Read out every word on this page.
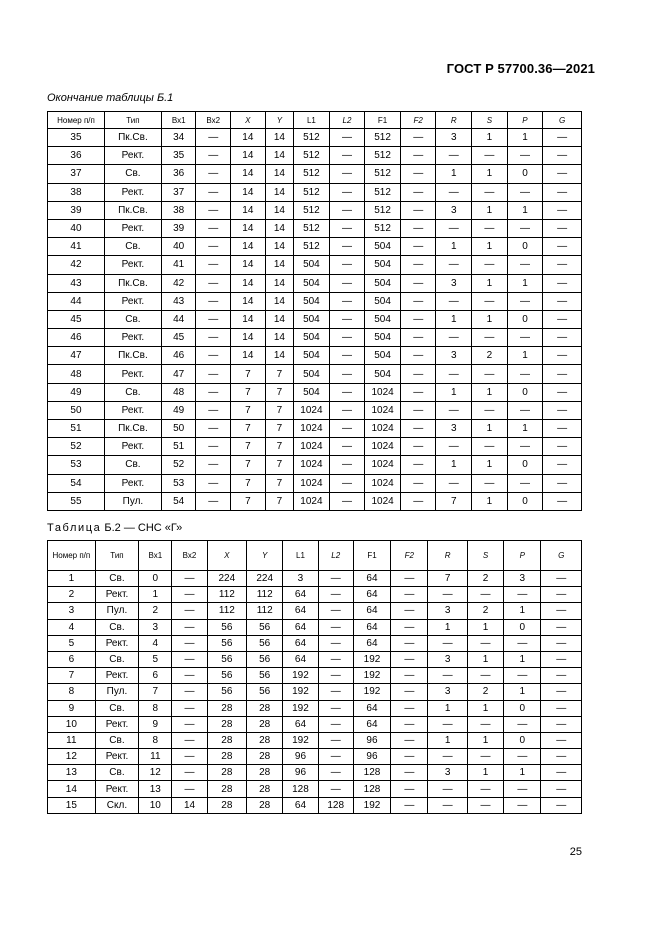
ГОСТ Р 57700.36—2021
Окончание таблицы Б.1
Номер п/п	Тип	Вх1	Вх2	X	Y	L1	L2	F1	F2	R	S	P	G
35	Пк.Св.	34	—	14	14	512	—	512	—	3	1	1	—
36	Рект.	35	—	14	14	512	—	512	—	—	—	—	—
37	Св.	36	—	14	14	512	—	512	—	1	1	0	—
38	Рект.	37	—	14	14	512	—	512	—	—	—	—	—
39	Пк.Св.	38	—	14	14	512	—	512	—	3	1	1	—
40	Рект.	39	—	14	14	512	—	512	—	—	—	—	—
41	Св.	40	—	14	14	512	—	504	—	1	1	0	—
42	Рект.	41	—	14	14	504	—	504	—	—	—	—	—
43	Пк.Св.	42	—	14	14	504	—	504	—	3	1	1	—
44	Рект.	43	—	14	14	504	—	504	—	—	—	—	—
45	Св.	44	—	14	14	504	—	504	—	1	1	0	—
46	Рект.	45	—	14	14	504	—	504	—	—	—	—	—
47	Пк.Св.	46	—	14	14	504	—	504	—	3	2	1	—
48	Рект.	47	—	7	7	504	—	504	—	—	—	—	—
49	Св.	48	—	7	7	504	—	1024	—	1	1	0	—
50	Рект.	49	—	7	7	1024	—	1024	—	—	—	—	—
51	Пк.Св.	50	—	7	7	1024	—	1024	—	3	1	1	—
52	Рект.	51	—	7	7	1024	—	1024	—	—	—	—	—
53	Св.	52	—	7	7	1024	—	1024	—	1	1	0	—
54	Рект.	53	—	7	7	1024	—	1024	—	—	—	—	—
55	Пул.	54	—	7	7	1024	—	1024	—	7	1	0	—
Таблица Б.2 — СНС «Г»
Номер п/п	Тип	Вх1	Вх2	X	Y	L1	L2	F1	F2	R	S	P	G
1	Св.	0	—	224	224	3	—	64	—	7	2	3	—
2	Рект.	1	—	112	112	64	—	64	—	—	—	—	—
3	Пул.	2	—	112	112	64	—	64	—	3	2	1	—
4	Св.	3	—	56	56	64	—	64	—	1	1	0	—
5	Рект.	4	—	56	56	64	—	64	—	—	—	—	—
6	Св.	5	—	56	56	64	—	192	—	3	1	1	—
7	Рект.	6	—	56	56	192	—	192	—	—	—	—	—
8	Пул.	7	—	56	56	192	—	192	—	3	2	1	—
9	Св.	8	—	28	28	192	—	64	—	1	1	0	—
10	Рект.	9	—	28	28	64	—	64	—	—	—	—	—
11	Св.	8	—	28	28	192	—	96	—	1	1	0	—
12	Рект.	11	—	28	28	96	—	96	—	—	—	—	—
13	Св.	12	—	28	28	96	—	128	—	3	1	1	—
14	Рект.	13	—	28	28	128	—	128	—	—	—	—	—
15	Скл.	10	14	28	28	64	128	192	—	—	—	—	—
25
